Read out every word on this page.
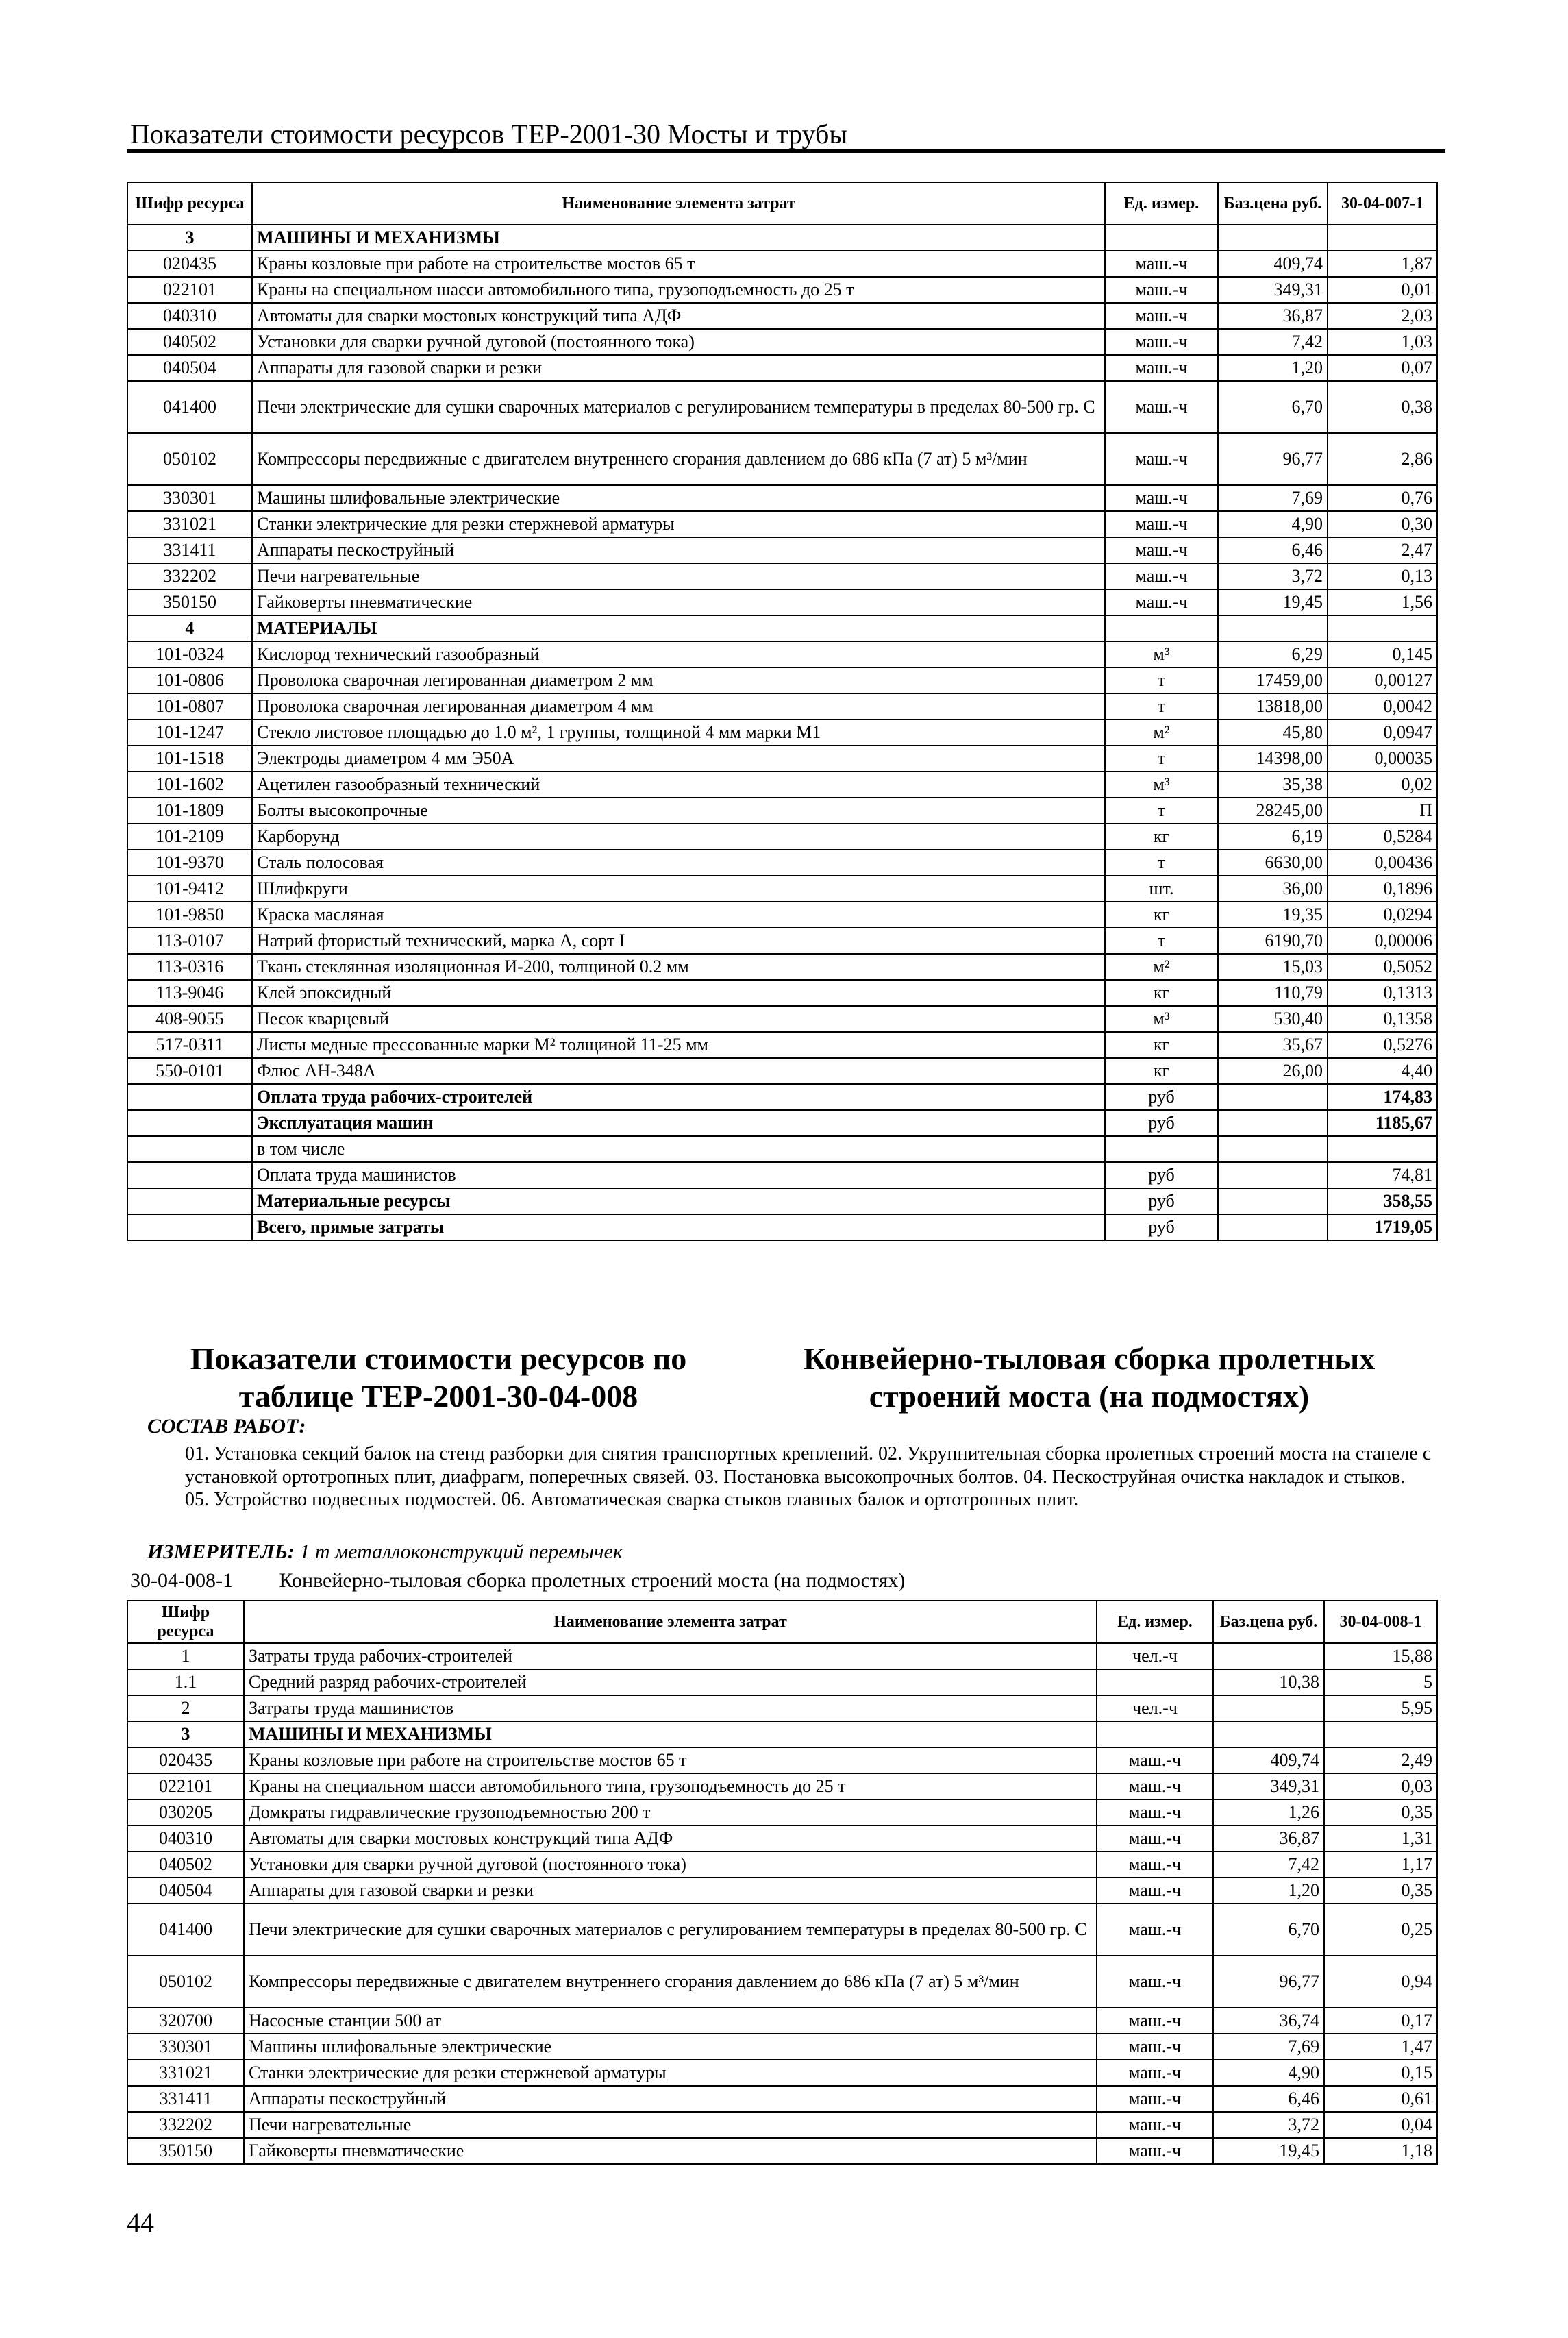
Показатели стоимости ресурсов ТЕР-2001-30 Мосты и трубы
Шифр ресурса	Наименование элемента затрат	Ед. измер.	Баз.цена руб.	30-04-007-1
3	МАШИНЫ И МЕХАНИЗМЫ			
020435	Краны козловые при работе на строительстве мостов 65 т	маш.-ч	409,74	1,87
022101	Краны на специальном шасси автомобильного типа, грузоподъемность до 25 т	маш.-ч	349,31	0,01
040310	Автоматы для сварки мостовых конструкций типа АДФ	маш.-ч	36,87	2,03
040502	Установки для сварки ручной дуговой (постоянного тока)	маш.-ч	7,42	1,03
040504	Аппараты для газовой сварки и резки	маш.-ч	1,20	0,07
041400	Печи электрические для сушки сварочных материалов с регулированием температуры в пределах 80-500 гр. С	маш.-ч	6,70	0,38
050102	Компрессоры передвижные с двигателем внутреннего сгорания давлением до 686 кПа (7 ат) 5 м³/мин	маш.-ч	96,77	2,86
330301	Машины шлифовальные электрические	маш.-ч	7,69	0,76
331021	Станки электрические для резки стержневой арматуры	маш.-ч	4,90	0,30
331411	Аппараты пескоструйный	маш.-ч	6,46	2,47
332202	Печи нагревательные	маш.-ч	3,72	0,13
350150	Гайковерты пневматические	маш.-ч	19,45	1,56
4	МАТЕРИАЛЫ			
101-0324	Кислород технический газообразный	м³	6,29	0,145
101-0806	Проволока сварочная легированная диаметром 2 мм	т	17459,00	0,00127
101-0807	Проволока сварочная легированная диаметром 4 мм	т	13818,00	0,0042
101-1247	Стекло листовое площадью до 1.0 м², 1 группы, толщиной 4 мм марки М1	м²	45,80	0,0947
101-1518	Электроды диаметром 4 мм Э50А	т	14398,00	0,00035
101-1602	Ацетилен газообразный технический	м³	35,38	0,02
101-1809	Болты высокопрочные	т	28245,00	П
101-2109	Карборунд	кг	6,19	0,5284
101-9370	Сталь полосовая	т	6630,00	0,00436
101-9412	Шлифкруги	шт.	36,00	0,1896
101-9850	Краска масляная	кг	19,35	0,0294
113-0107	Натрий фтористый технический, марка А, сорт I	т	6190,70	0,00006
113-0316	Ткань стеклянная изоляционная И-200, толщиной 0.2 мм	м²	15,03	0,5052
113-9046	Клей эпоксидный	кг	110,79	0,1313
408-9055	Песок кварцевый	м³	530,40	0,1358
517-0311	Листы медные прессованные марки М² толщиной 11-25 мм	кг	35,67	0,5276
550-0101	Флюс АН-348А	кг	26,00	4,40
	Оплата труда рабочих-строителей	руб		174,83
	Эксплуатация машин	руб		1185,67
	в том числе			
	Оплата труда машинистов	руб		74,81
	Материальные ресурсы	руб		358,55
	Всего, прямые затраты	руб		1719,05
Показатели стоимости ресурсов по таблице ТЕР-2001-30-04-008
Конвейерно-тыловая сборка пролетных строений моста (на подмостях)
СОСТАВ РАБОТ:
01. Установка секций балок на стенд разборки для снятия транспортных креплений. 02. Укрупнительная сборка пролетных строений моста на стапеле с установкой ортотропных плит, диафрагм, поперечных связей. 03. Постановка высокопрочных болтов. 04. Пескоструйная очистка накладок и стыков. 05. Устройство подвесных подмостей. 06. Автоматическая сварка стыков главных балок и ортотропных плит.
ИЗМЕРИТЕЛЬ: 1 т металлоконструкций перемычек
30-04-008-1 Конвейерно-тыловая сборка пролетных строений моста (на подмостях)
Шифр ресурса	Наименование элемента затрат	Ед. измер.	Баз.цена руб.	30-04-008-1
1	Затраты труда рабочих-строителей	чел.-ч		15,88
1.1	Средний разряд рабочих-строителей		10,38	5
2	Затраты труда машинистов	чел.-ч		5,95
3	МАШИНЫ И МЕХАНИЗМЫ			
020435	Краны козловые при работе на строительстве мостов 65 т	маш.-ч	409,74	2,49
022101	Краны на специальном шасси автомобильного типа, грузоподъемность до 25 т	маш.-ч	349,31	0,03
030205	Домкраты гидравлические грузоподъемностью 200 т	маш.-ч	1,26	0,35
040310	Автоматы для сварки мостовых конструкций типа АДФ	маш.-ч	36,87	1,31
040502	Установки для сварки ручной дуговой (постоянного тока)	маш.-ч	7,42	1,17
040504	Аппараты для газовой сварки и резки	маш.-ч	1,20	0,35
041400	Печи электрические для сушки сварочных материалов с регулированием температуры в пределах 80-500 гр. С	маш.-ч	6,70	0,25
050102	Компрессоры передвижные с двигателем внутреннего сгорания давлением до 686 кПа (7 ат) 5 м³/мин	маш.-ч	96,77	0,94
320700	Насосные станции 500 ат	маш.-ч	36,74	0,17
330301	Машины шлифовальные электрические	маш.-ч	7,69	1,47
331021	Станки электрические для резки стержневой арматуры	маш.-ч	4,90	0,15
331411	Аппараты пескоструйный	маш.-ч	6,46	0,61
332202	Печи нагревательные	маш.-ч	3,72	0,04
350150	Гайковерты пневматические	маш.-ч	19,45	1,18
44
